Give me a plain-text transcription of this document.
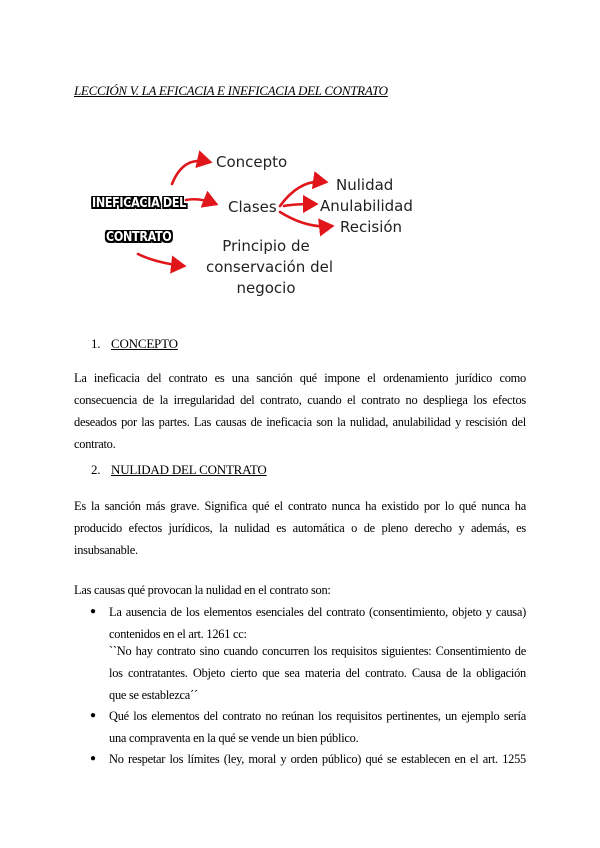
LECCIÓN V. LA EFICACIA E INEFICACIA DEL CONTRATO
INEFICACIA DEL
CONTRATO
Concepto
Clases
Nulidad
Anulabilidad
Recisión
Principio de
conservación del
negocio
1. CONCEPTO
La ineficacia del contrato es una sanción qué impone el ordenamiento jurídico como
consecuencia de la irregularidad del contrato, cuando el contrato no despliega los efectos
deseados por las partes. Las causas de ineficacia son la nulidad, anulabilidad y rescisión del
contrato.
2. NULIDAD DEL CONTRATO
Es la sanción más grave. Significa qué el contrato nunca ha existido por lo qué nunca ha
producido efectos jurídicos, la nulidad es automática o de pleno derecho y además, es
insubsanable.
Las causas qué provocan la nulidad en el contrato son:
● La ausencia de los elementos esenciales del contrato (consentimiento, objeto y causa)
contenidos en el art. 1261 cc:
``No hay contrato sino cuando concurren los requisitos siguientes: Consentimiento de
los contratantes. Objeto cierto que sea materia del contrato. Causa de la obligación
que se establezca´´
● Qué los elementos del contrato no reúnan los requisitos pertinentes, un ejemplo sería
una compraventa en la qué se vende un bien público.
● No respetar los límites (ley, moral y orden público) qué se establecen en el art. 1255
